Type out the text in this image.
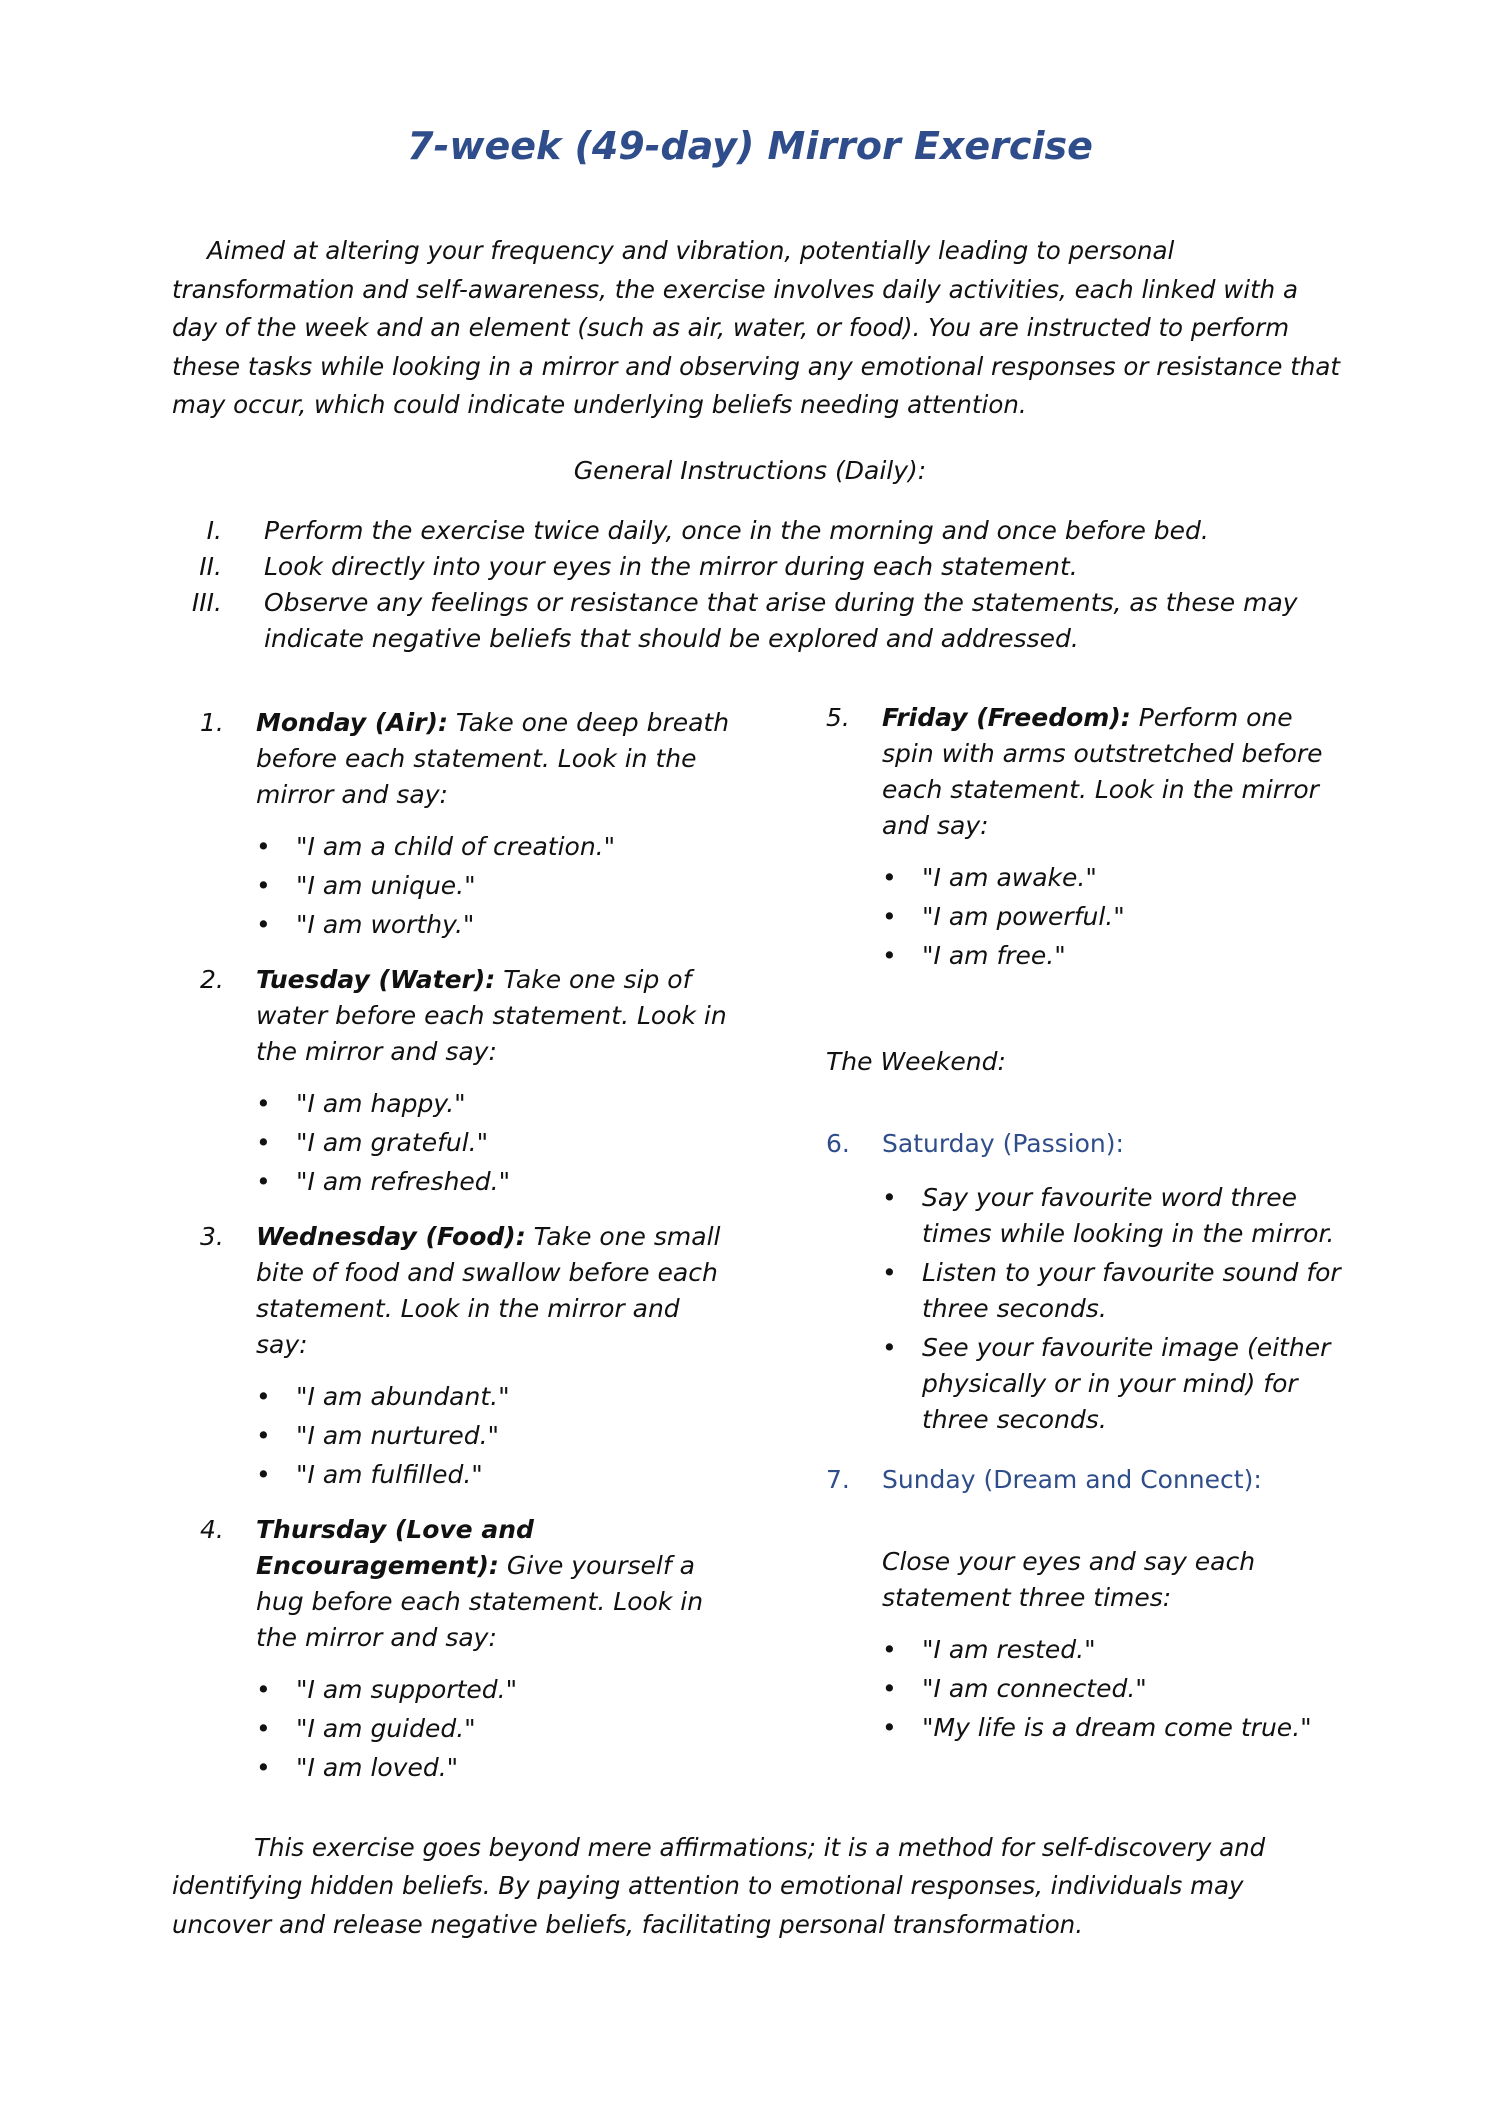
7-week (49-day) Mirror Exercise

Aimed at altering your frequency and vibration, potentially leading to personal transformation and self-awareness, the exercise involves daily activities, each linked with a day of the week and an element (such as air, water, or food). You are instructed to perform these tasks while looking in a mirror and observing any emotional responses or resistance that may occur, which could indicate underlying beliefs needing attention.

General Instructions (Daily):

I. Perform the exercise twice daily, once in the morning and once before bed.
II. Look directly into your eyes in the mirror during each statement.
III. Observe any feelings or resistance that arise during the statements, as these may indicate negative beliefs that should be explored and addressed.
1. Monday (Air): Take one deep breath before each statement. Look in the mirror and say:

• "I am a child of creation."
• "I am unique."
• "I am worthy."
2. Tuesday (Water): Take one sip of water before each statement. Look in the mirror and say:

• "I am happy."
• "I am grateful."
• "I am refreshed."
3. Wednesday (Food): Take one small bite of food and swallow before each statement. Look in the mirror and say:

• "I am abundant."
• "I am nurtured."
• "I am fulfilled."
4. Thursday (Love and Encouragement): Give yourself a hug before each statement. Look in the mirror and say:

• "I am supported."
• "I am guided."
• "I am loved."
5. Friday (Freedom): Perform one spin with arms outstretched before each statement. Look in the mirror and say:

• "I am awake."
• "I am powerful."
• "I am free."

The Weekend:

6. Saturday (Passion):

• Say your favourite word three times while looking in the mirror.
• Listen to your favourite sound for three seconds.
• See your favourite image (either physically or in your mind) for three seconds.
7. Sunday (Dream and Connect):

Close your eyes and say each statement three times:

• "I am rested."
• "I am connected."
• "My life is a dream come true."

This exercise goes beyond mere affirmations; it is a method for self-discovery and identifying hidden beliefs. By paying attention to emotional responses, individuals may uncover and release negative beliefs, facilitating personal transformation.
